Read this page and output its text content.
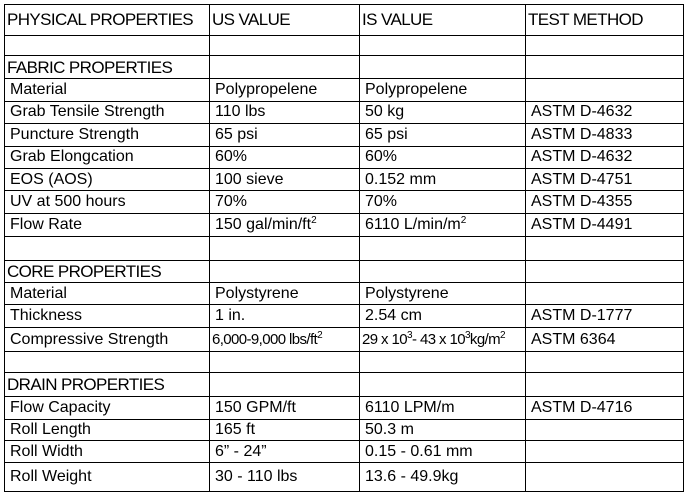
PHYSICAL PROPERTIES	US VALUE	IS VALUE	TEST METHOD

FABRIC PROPERTIES			
Material	Polypropelene	Polypropelene	
Grab Tensile Strength	110 lbs	50 kg	ASTM D-4632
Puncture Strength	65 psi	65 psi	ASTM D-4833
Grab Elongcation	60%	60%	ASTM D-4632
EOS (AOS)	100 sieve	0.152 mm	ASTM D-4751
UV at 500 hours	70%	70%	ASTM D-4355
Flow Rate	150 gal/$\min/ft^2$	6110 $L/\min/m^2$	ASTM D-4491

CORE PROPERTIES			
Material	Polystyrene	Polystyrene	
Thickness	1 in.	2.54 cm	ASTM D-1777
Compressive Strength	6,000-9,000 lbs/$ft^2$	29 x $10^3-$ 43 x $10^3kg/m^2$	ASTM 6364

DRAIN PROPERTIES			
Flow Capacity	150 GPM/ft	6110 LPM/m	ASTM D-4716
Roll Length	165 ft	50.3 m	
Roll Width	6” - 24”	0.15 - 0.61 mm	
Roll Weight	30 - 110 lbs	13.6 - 49.9kg	
